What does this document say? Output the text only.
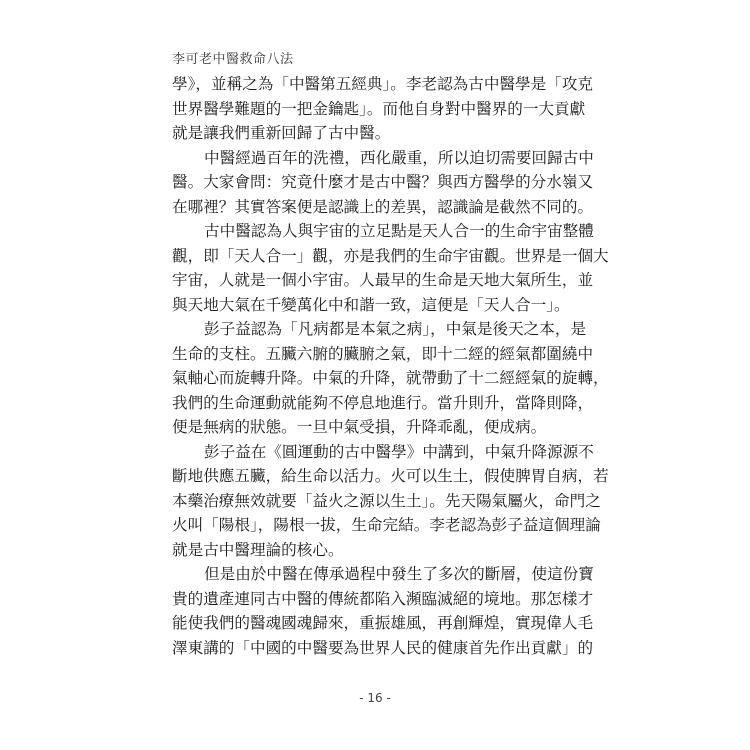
李可老中醫救命八法
學》，並稱之為「中醫第五經典」。李老認為古中醫學是「攻克
世界醫學難題的一把金鑰匙」。而他自身對中醫界的一大貢獻
就是讓我們重新回歸了古中醫。
中醫經過百年的洗禮，西化嚴重，所以迫切需要回歸古中
醫。大家會問：究竟什麼才是古中醫？與西方醫學的分水嶺又
在哪裡？其實答案便是認識上的差異，認識論是截然不同的。
古中醫認為人與宇宙的立足點是天人合一的生命宇宙整體
觀，即「天人合一」觀，亦是我們的生命宇宙觀。世界是一個大
宇宙，人就是一個小宇宙。人最早的生命是天地大氣所生，並
與天地大氣在千變萬化中和諧一致，這便是「天人合一」。
彭子益認為「凡病都是本氣之病」，中氣是後天之本，是
生命的支柱。五臟六腑的臟腑之氣，即十二經的經氣都圍繞中
氣軸心而旋轉升降。中氣的升降，就帶動了十二經經氣的旋轉，
我們的生命運動就能夠不停息地進行。當升則升，當降則降，
便是無病的狀態。一旦中氣受損，升降乖亂，便成病。
彭子益在《圓運動的古中醫學》中講到，中氣升降源源不
斷地供應五臟，給生命以活力。火可以生土，假使脾胃自病，若
本藥治療無效就要「益火之源以生土」。先天陽氣屬火，命門之
火叫「陽根」，陽根一拔，生命完結。李老認為彭子益這個理論
就是古中醫理論的核心。
但是由於中醫在傳承過程中發生了多次的斷層，使這份寶
貴的遺產連同古中醫的傳統都陷入瀕臨滅絕的境地。那怎樣才
能使我們的醫魂國魂歸來，重振雄風，再創輝煌，實現偉人毛
澤東講的「中國的中醫要為世界人民的健康首先作出貢獻」的
- 16 -
